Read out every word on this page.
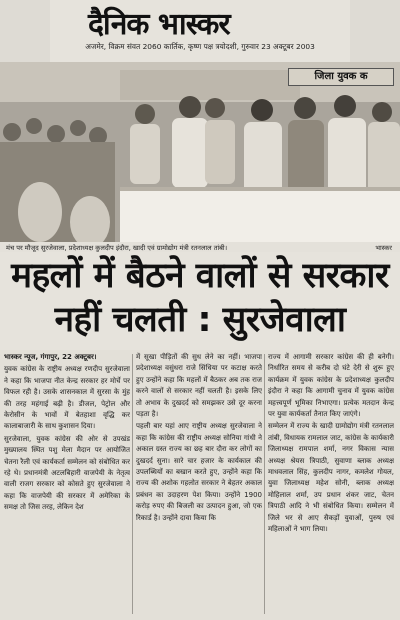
दैनिक भास्कर
अजमेर, विक्रम संवत 2060 कार्तिक, कृष्ण पक्ष त्रयोदशी, गुरुवार 23 अक्टूबर 2003
जिला युवक क
मंच पर मौजूद सुरजेवाला, प्रदेशाध्यक्ष कुलदीप इंदौरा, खादी एवं ग्रामोद्योग मंत्री रतनलाल तांबी।	भास्कर
महलों में बैठने वालों से सरकार
नहीं चलती : सुरजेवाला

भास्कर न्यूज, गंगापुर, 22 अक्टूबर।

युवक कांग्रेस के राष्ट्रीय अध्यक्ष रणदीप सुरजेवाला ने कहा कि भाजपा नीत केन्द्र सरकार हर मोर्चे पर विफल रही है। उसके शासनकाल में सुरसा के मुंह की तरह महंगाई बढ़ी है। डीजल, पेट्रोल और केरोसीन के भावों में बेतहाशा वृद्धि कर कालाबाजारी के साथ कुशासन दिया।

सुरजेवाला, युवक कांग्रेस की ओर से उपखंड मुख्यालय स्थित पशु मेला मैदान पर आयोजित चेतना रैली एवं कार्यकर्ता सम्मेलन को संबोधित कर रहे थे। प्रधानमंत्री अटलबिहारी वाजपेयी के नेतृत्व वाली राजग सरकार को कोसते हुए सुरजेवाला ने कहा कि वाजपेयी की सरकार में अमेरिका के समक्ष तो जिस तरह, लेकिन देश

में सूखा पीड़ितों की सुध लेने का नहीं। भाजपा प्रदेशाध्यक्ष वसुंधरा राजे सिंधिया पर कटाक्ष करते हुए उन्होंने कहा कि महलों में बैठकर अब तक राज करने वालों से सरकार नहीं चलती है। इसके लिए तो अभाव के दुखदर्द को समझकर उसे दूर करना पड़ता है।

पहली बार यहां आए राष्ट्रीय अध्यक्ष सुरजेवाला ने कहा कि कांग्रेस की राष्ट्रीय अध्यक्ष सोनिया गांधी ने अकाल ग्रस्त राज्य का छह बार दौरा कर लोगों का दुखदर्द सुना। सारे चार हजार के कार्यकाल की उपलब्धियों का बखान करते हुए, उन्होंने कहा कि राज्य की अशोक गहलोत सरकार ने बेहतर अकाल प्रबंधन का उदाहरण पेश किया। उन्होंने 1900 करोड़ रुपए की बिजली का उत्पादन हुआ, जो एक रिकार्ड है। उन्होंने दावा किया कि

राज्य में आगामी सरकार कांग्रेस की ही बनेगी। निर्धारित समय से करीब दो घंटे देरी से शुरू हुए कार्यक्रम में युवक कांग्रेस के प्रदेशाध्यक्ष कुलदीप इंदौरा ने कहा कि आगामी चुनाव में युवक कांग्रेस महत्त्वपूर्ण भूमिका निभाएगा। प्रत्येक मतदान केन्द्र पर युवा कार्यकर्ता तैनात किए जाएंगे।

सम्मेलन में राज्य के खादी ग्रामोद्योग मंत्री रतनलाल तांबी, विधायक रामलाल जाट, कांग्रेस के कार्यकारी जिलाध्यक्ष रामपाल शर्मा, नगर विकास न्यास अध्यक्ष श्रेयस त्रिपाठी, सुवाणा ब्लाक अध्यक्ष माधवलाल सिंह, कुलदीप नागर, कमलेश गोयल, युवा जिलाध्यक्ष महेश सोनी, ब्लाक अध्यक्ष मोहिलाल शर्मा, उप प्रधान शंकर जाट, चेतन त्रिपाठी आदि ने भी संबोधित किया। सम्मेलन में जिले भर से आए सैकड़ों युवाओं, पुरुष एवं महिलाओं ने भाग लिया।
